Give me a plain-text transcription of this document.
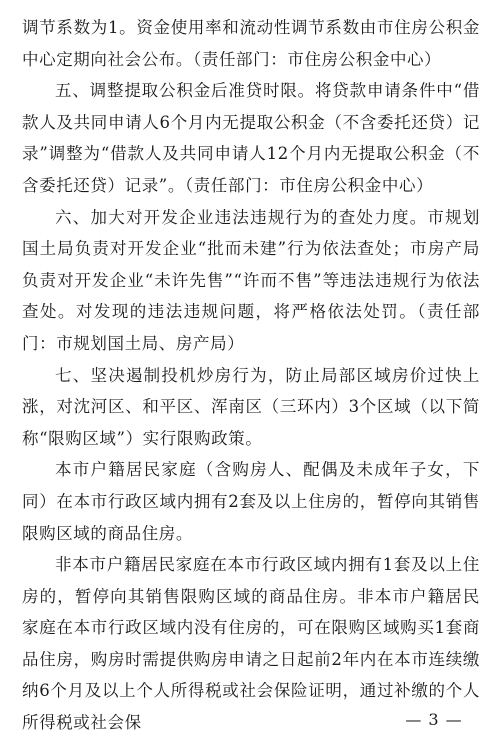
调节系数为1。资金使用率和流动性调节系数由市住房公积金中心定期向社会公布。（责任部门：市住房公积金中心）

五、调整提取公积金后准贷时限。将贷款申请条件中“借款人及共同申请人6个月内无提取公积金（不含委托还贷）记录”调整为“借款人及共同申请人12个月内无提取公积金（不含委托还贷）记录”。（责任部门：市住房公积金中心）

六、加大对开发企业违法违规行为的查处力度。市规划国土局负责对开发企业“批而未建”行为依法查处；市房产局负责对开发企业“未许先售”“许而不售”等违法违规行为依法查处。对发现的违法违规问题，将严格依法处罚。（责任部门：市规划国土局、房产局）

七、坚决遏制投机炒房行为，防止局部区域房价过快上涨，对沈河区、和平区、浑南区（三环内）3个区域（以下简称“限购区域”）实行限购政策。

本市户籍居民家庭（含购房人、配偶及未成年子女，下同）在本市行政区域内拥有2套及以上住房的，暂停向其销售限购区域的商品住房。

非本市户籍居民家庭在本市行政区域内拥有1套及以上住房的，暂停向其销售限购区域的商品住房。非本市户籍居民家庭在本市行政区域内没有住房的，可在限购区域购买1套商品住房，购房时需提供购房申请之日起前2年内在本市连续缴纳6个月及以上个人所得税或社会保险证明，通过补缴的个人所得税或社会保	— 3 —
